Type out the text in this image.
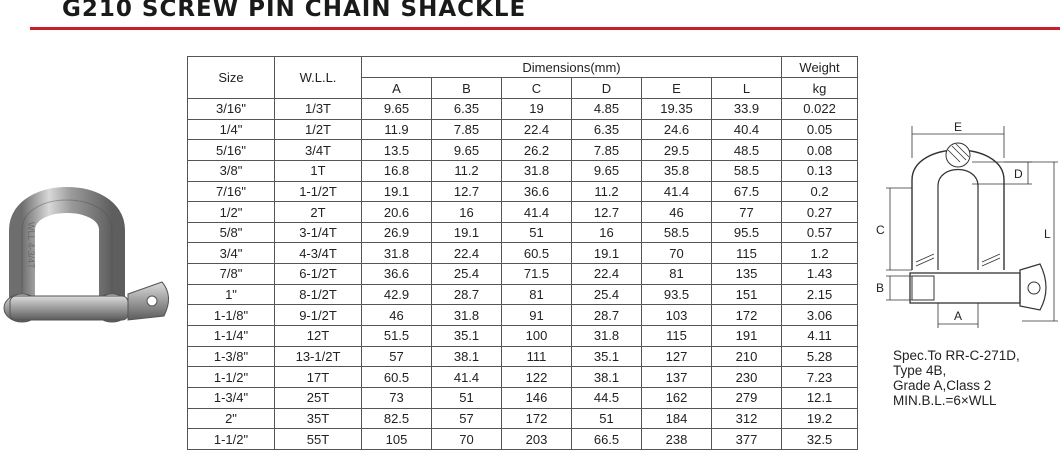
G210 SCREW PIN CHAIN SHACKLE
WLL 4-3/4T
Size	W.L.L.	Dimensions(mm)						Weight
		A	B	C	D	E	L	kg
3/16"	1/3T	9.65	6.35	19	4.85	19.35	33.9	0.022
1/4"	1/2T	11.9	7.85	22.4	6.35	24.6	40.4	0.05
5/16"	3/4T	13.5	9.65	26.2	7.85	29.5	48.5	0.08
3/8"	1T	16.8	11.2	31.8	9.65	35.8	58.5	0.13
7/16"	1-1/2T	19.1	12.7	36.6	11.2	41.4	67.5	0.2
1/2"	2T	20.6	16	41.4	12.7	46	77	0.27
5/8"	3-1/4T	26.9	19.1	51	16	58.5	95.5	0.57
3/4"	4-3/4T	31.8	22.4	60.5	19.1	70	115	1.2
7/8"	6-1/2T	36.6	25.4	71.5	22.4	81	135	1.43
1"	8-1/2T	42.9	28.7	81	25.4	93.5	151	2.15
1-1/8"	9-1/2T	46	31.8	91	28.7	103	172	3.06
1-1/4"	12T	51.5	35.1	100	31.8	115	191	4.11
1-3/8"	13-1/2T	57	38.1	111	35.1	127	210	5.28
1-1/2"	17T	60.5	41.4	122	38.1	137	230	7.23
1-3/4"	25T	73	51	146	44.5	162	279	12.1
2"	35T	82.5	57	172	51	184	312	19.2
1-1/2"	55T	105	70	203	66.5	238	377	32.5
E
D
C	L
B
A
Spec.To RR-C-271D,
Type 4B,
Grade A,Class 2
MIN.B.L.=6×WLL
